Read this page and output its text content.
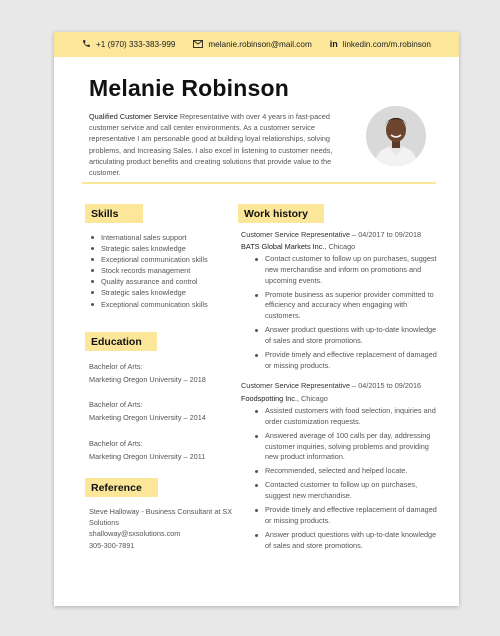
+1 (970) 333-383-999	melanie.robinson@mail.com in linkedin.com/m.robinson
Melanie Robinson
Qualified Customer Service Representative with over 4 years in fast-paced customer service and call center environments. As a customer service representative I am personable good at building loyal relationships, solving problems, and Increasing Sales. I also excel in listening to customer needs, articulating product benefits and creating solutions that provide value to the customer.
Skills
International sales support
Strategic sales knowledge
Exceptional communication skills
Stock records management
Quality assurance and control
Strategic sales knowledge
Exceptional communication skills
Education
Bachelor of Arts:
Marketing Oregon University – 2018
Bachelor of Arts:
Marketing Oregon University – 2014
Bachelor of Arts:
Marketing Oregon University – 2011
Reference
Steve Halloway - Business Consultant at SX Solutions
shalloway@sxsolutions.com
305-300-7891
Work history
Customer Service Representative – 04/2017 to 09/2018
BATS Global Markets Inc., Chicago
Contact customer to follow up on purchases, suggest new merchandise and inform on promotions and upcoming events.
Promote business as superior provider committed to efficiency and accuracy when engaging with customers.
Answer product questions with up-to-date knowledge of sales and store promotions.
Provide timely and effective replacement of damaged or missing products.
Customer Service Representative – 04/2015 to 09/2016
Foodspotting Inc., Chicago
Assisted customers with food selection, inquiries and order customization requests.
Answered average of 100 calls per day, addressing customer inquiries, solving problems and providing new product information.
Recommended, selected and helped locate.
Contacted customer to follow up on purchases, suggest new merchandise.
Provide timely and effective replacement of damaged or missing products.
Answer product questions with up-to-date knowledge of sales and store promotions.
